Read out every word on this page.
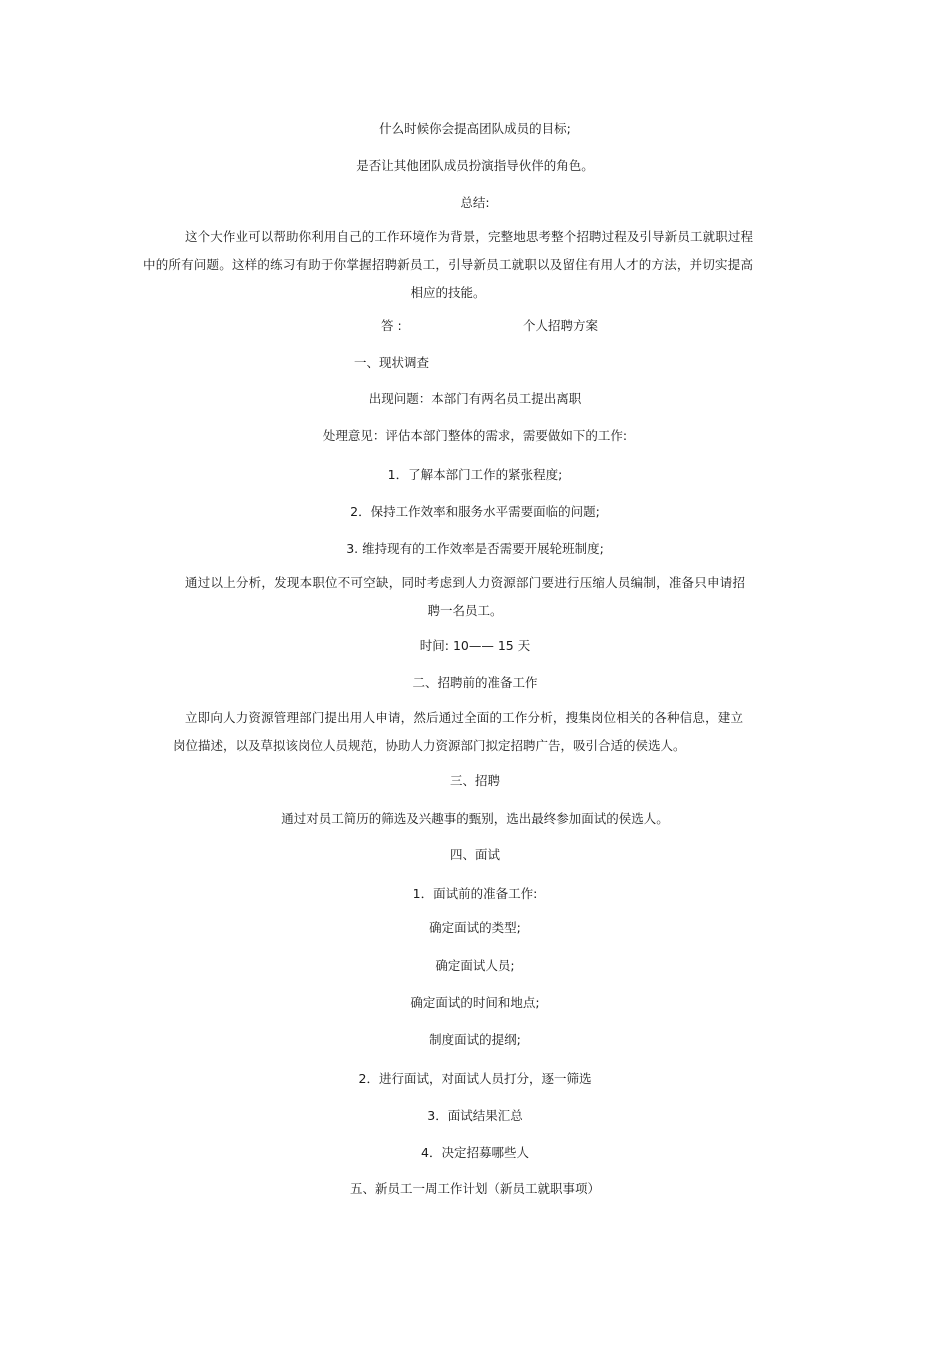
什么时候你会提高团队成员的目标;
是否让其他团队成员扮演指导伙伴的角色。
总结:
这个大作业可以帮助你利用自己的工作环境作为背景，完整地思考整个招聘过程及引导新员工就职过程中的所有问题。这样的练习有助于你掌握招聘新员工，引导新员工就职以及留住有用人才的方法，并切实提高相应的技能。
答 :	个人招聘方案
一、现状调查
出现问题：本部门有两名员工提出离职
处理意见：评估本部门整体的需求，需要做如下的工作:
1．了解本部门工作的紧张程度;
2．保持工作效率和服务水平需要面临的问题;
3. 维持现有的工作效率是否需要开展轮班制度;
通过以上分析，发现本职位不可空缺，同时考虑到人力资源部门要进行压缩人员编制，准备只申请招聘一名员工。
时间: 10—— 15 天
二、招聘前的准备工作
立即向人力资源管理部门提出用人申请，然后通过全面的工作分析，搜集岗位相关的各种信息，建立岗位描述，以及草拟该岗位人员规范，协助人力资源部门拟定招聘广告，吸引合适的侯选人。
三、招聘
通过对员工简历的筛选及兴趣事的甄别，选出最终参加面试的侯选人。
四、面试
1．面试前的准备工作:
确定面试的类型;
确定面试人员;
确定面试的时间和地点;
制度面试的提纲;
2．进行面试，对面试人员打分，逐一筛选
3．面试结果汇总
4．决定招募哪些人
五、新员工一周工作计划（新员工就职事项）
